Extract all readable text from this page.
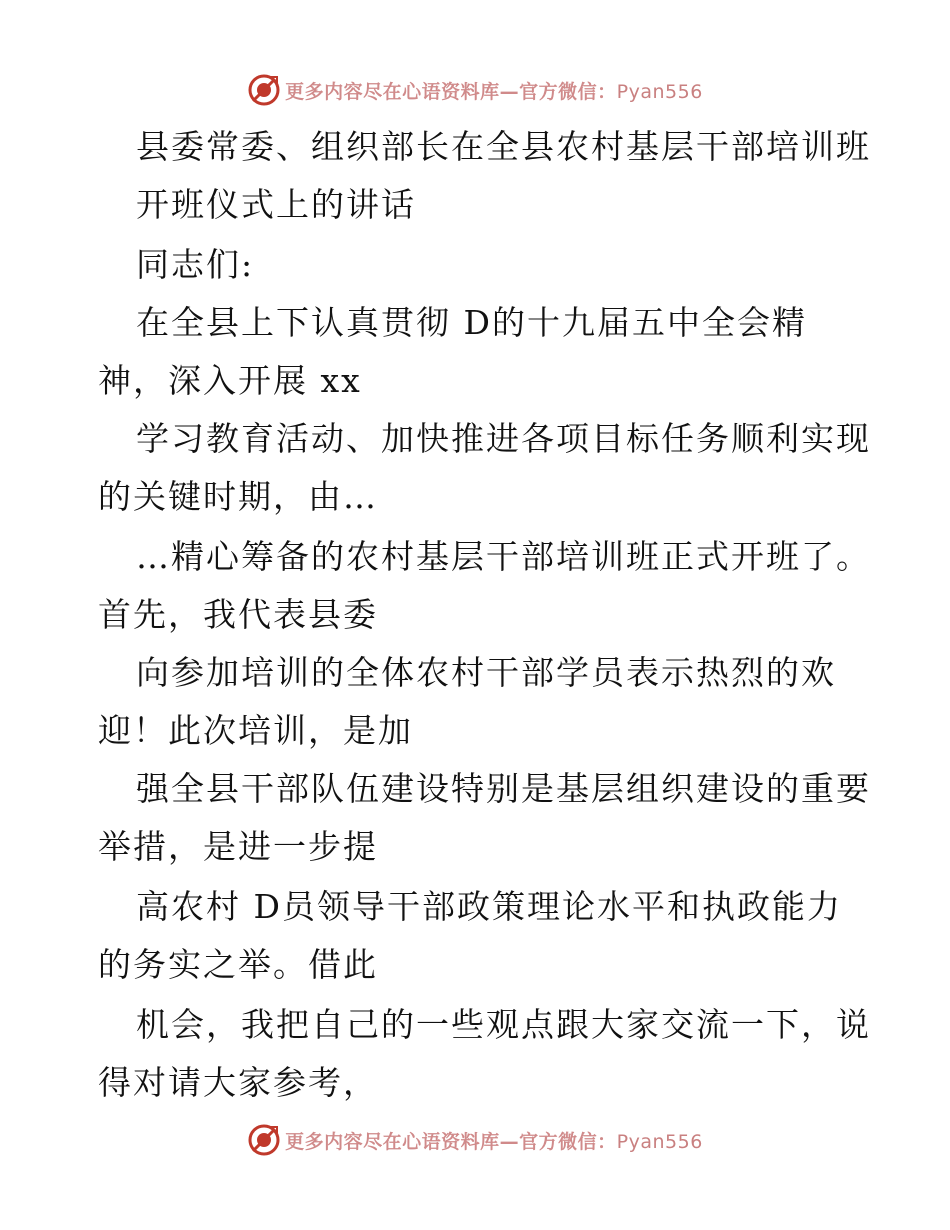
更多内容尽在心语资料库—官方微信：Pyan556
县委常委、组织部长在全县农村基层干部培训班
开班仪式上的讲话
同志们:
在全县上下认真贯彻 D的十九届五中全会精
神，深入开展 xx
学习教育活动、加快推进各项目标任务顺利实现
的关键时期，由…
…精心筹备的农村基层干部培训班正式开班了。
首先，我代表县委
向参加培训的全体农村干部学员表示热烈的欢
迎！此次培训，是加
强全县干部队伍建设特别是基层组织建设的重要
举措，是进一步提
高农村 D员领导干部政策理论水平和执政能力
的务实之举。借此
机会，我把自己的一些观点跟大家交流一下，说
得对请大家参考，
更多内容尽在心语资料库—官方微信：Pyan556
